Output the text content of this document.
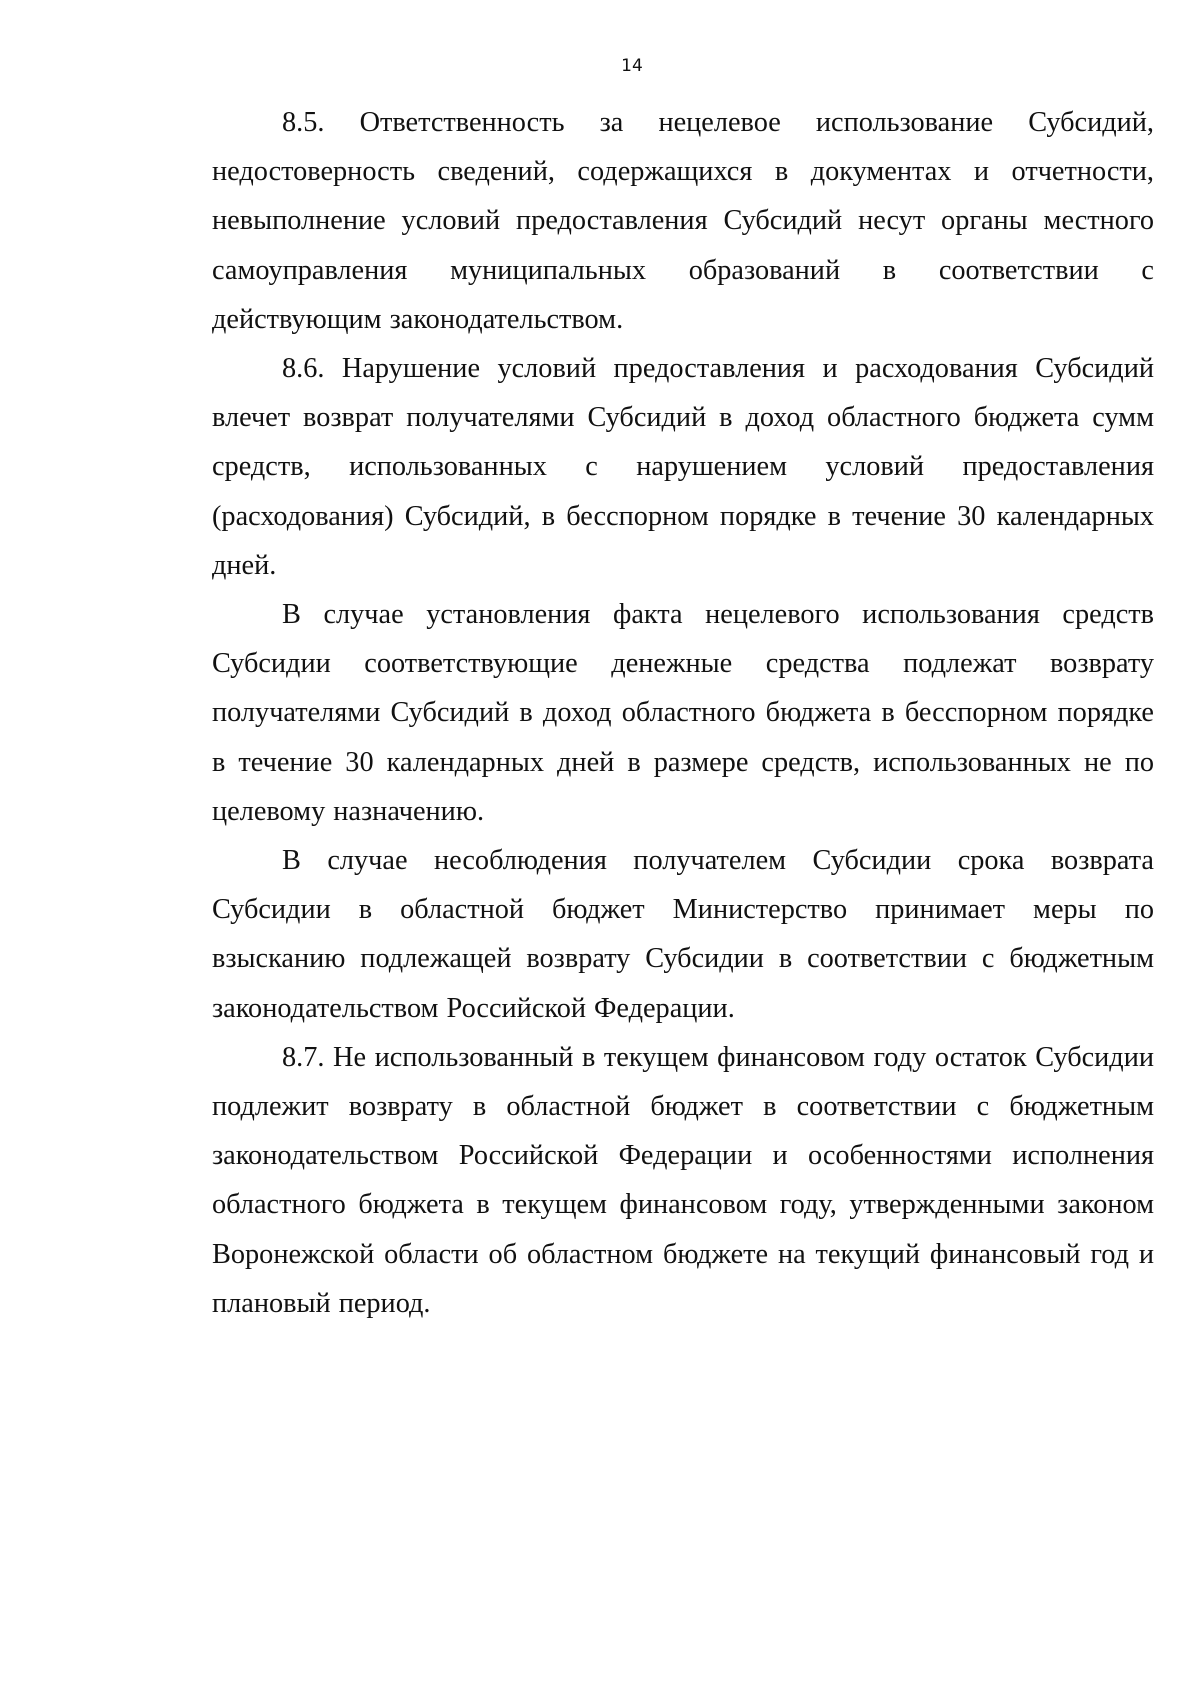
14

8.5. Ответственность за нецелевое использование Субсидий, недостоверность сведений, содержащихся в документах и отчетности, невыполнение условий предоставления Субсидий несут органы местного самоуправления муниципальных образований в соответствии с действующим законодательством.

8.6. Нарушение условий предоставления и расходования Субсидий влечет возврат получателями Субсидий в доход областного бюджета сумм средств, использованных с нарушением условий предоставления (расходования) Субсидий, в бесспорном порядке в течение 30 календарных дней.

В случае установления факта нецелевого использования средств Субсидии соответствующие денежные средства подлежат возврату получателями Субсидий в доход областного бюджета в бесспорном порядке в течение 30 календарных дней в размере средств, использованных не по целевому назначению.

В случае несоблюдения получателем Субсидии срока возврата Субсидии в областной бюджет Министерство принимает меры по взысканию подлежащей возврату Субсидии в соответствии с бюджетным законодательством Российской Федерации.

8.7. Не использованный в текущем финансовом году остаток Субсидии подлежит возврату в областной бюджет в соответствии с бюджетным законодательством Российской Федерации и особенностями исполнения областного бюджета в текущем финансовом году, утвержденными законом Воронежской области об областном бюджете на текущий финансовый год и плановый период.
